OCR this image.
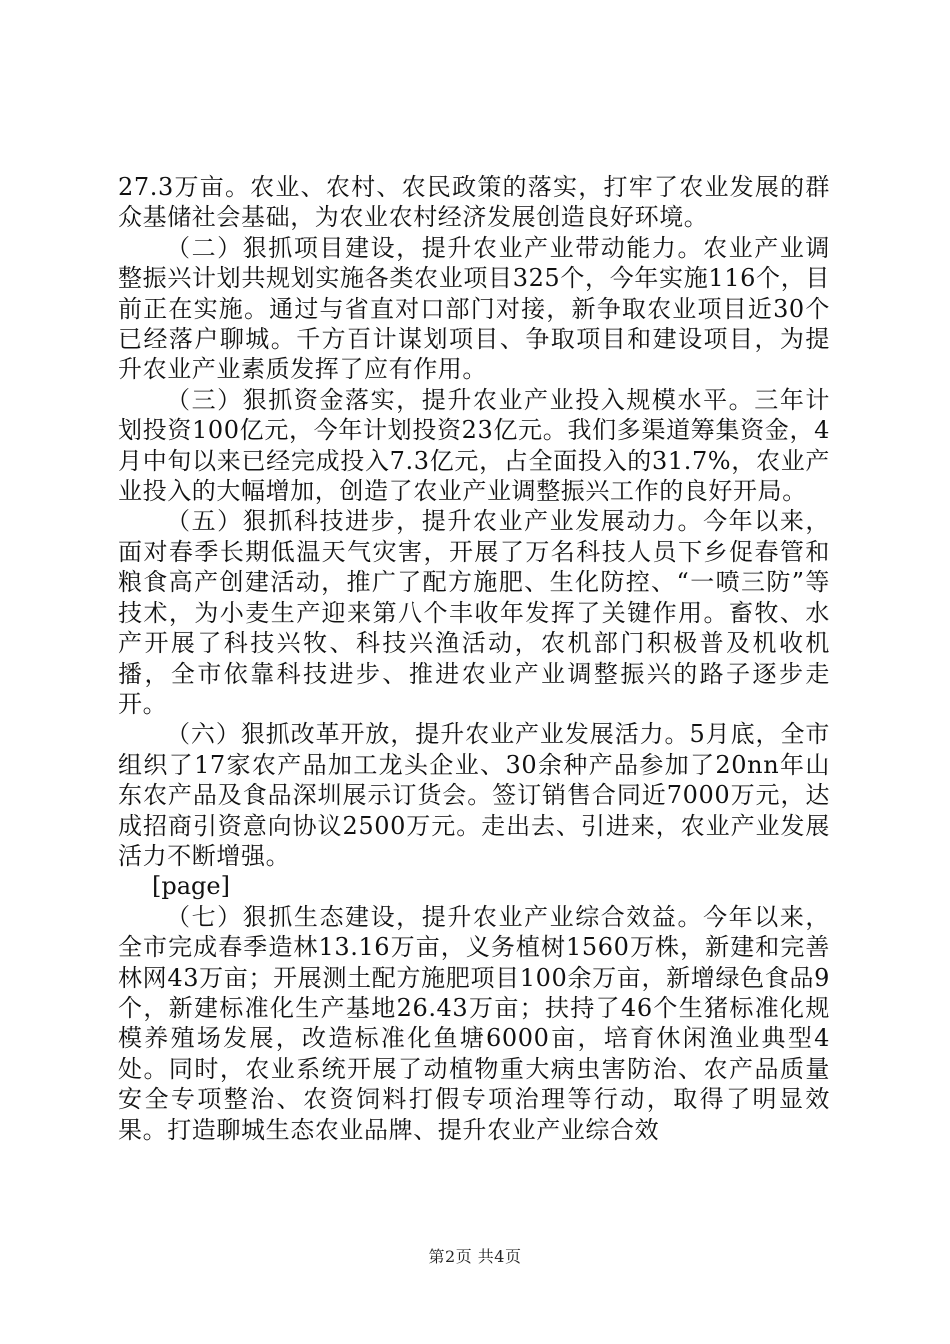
27.3万亩。农业、农村、农民政策的落实，打牢了农业发展的群众基储社会基础，为农业农村经济发展创造良好环境。

（二）狠抓项目建设，提升农业产业带动能力。农业产业调整振兴计划共规划实施各类农业项目325个，今年实施116个，目前正在实施。通过与省直对口部门对接，新争取农业项目近30个已经落户聊城。千方百计谋划项目、争取项目和建设项目，为提升农业产业素质发挥了应有作用。

（三）狠抓资金落实，提升农业产业投入规模水平。三年计划投资100亿元，今年计划投资23亿元。我们多渠道筹集资金，4月中旬以来已经完成投入7.3亿元，占全面投入的31.7%，农业产业投入的大幅增加，创造了农业产业调整振兴工作的良好开局。

（五）狠抓科技进步，提升农业产业发展动力。今年以来，面对春季长期低温天气灾害，开展了万名科技人员下乡促春管和粮食高产创建活动，推广了配方施肥、生化防控、“一喷三防”等技术，为小麦生产迎来第八个丰收年发挥了关键作用。畜牧、水产开展了科技兴牧、科技兴渔活动，农机部门积极普及机收机播，全市依靠科技进步、推进农业产业调整振兴的路子逐步走开。

（六）狠抓改革开放，提升农业产业发展活力。5月底，全市组织了17家农产品加工龙头企业、30余种产品参加了20nn年山东农产品及食品深圳展示订货会。签订销售合同近7000万元，达成招商引资意向协议2500万元。走出去、引进来，农业产业发展活力不断增强。

[page]

（七）狠抓生态建设，提升农业产业综合效益。今年以来，全市完成春季造林13.16万亩，义务植树1560万株，新建和完善林网43万亩；开展测土配方施肥项目100余万亩，新增绿色食品9个，新建标准化生产基地26.43万亩；扶持了46个生猪标准化规模养殖场发展，改造标准化鱼塘6000亩，培育休闲渔业典型4处。同时，农业系统开展了动植物重大病虫害防治、农产品质量安全专项整治、农资饲料打假专项治理等行动，取得了明显效果。打造聊城生态农业品牌、提升农业产业综合效

第2页 共4页
